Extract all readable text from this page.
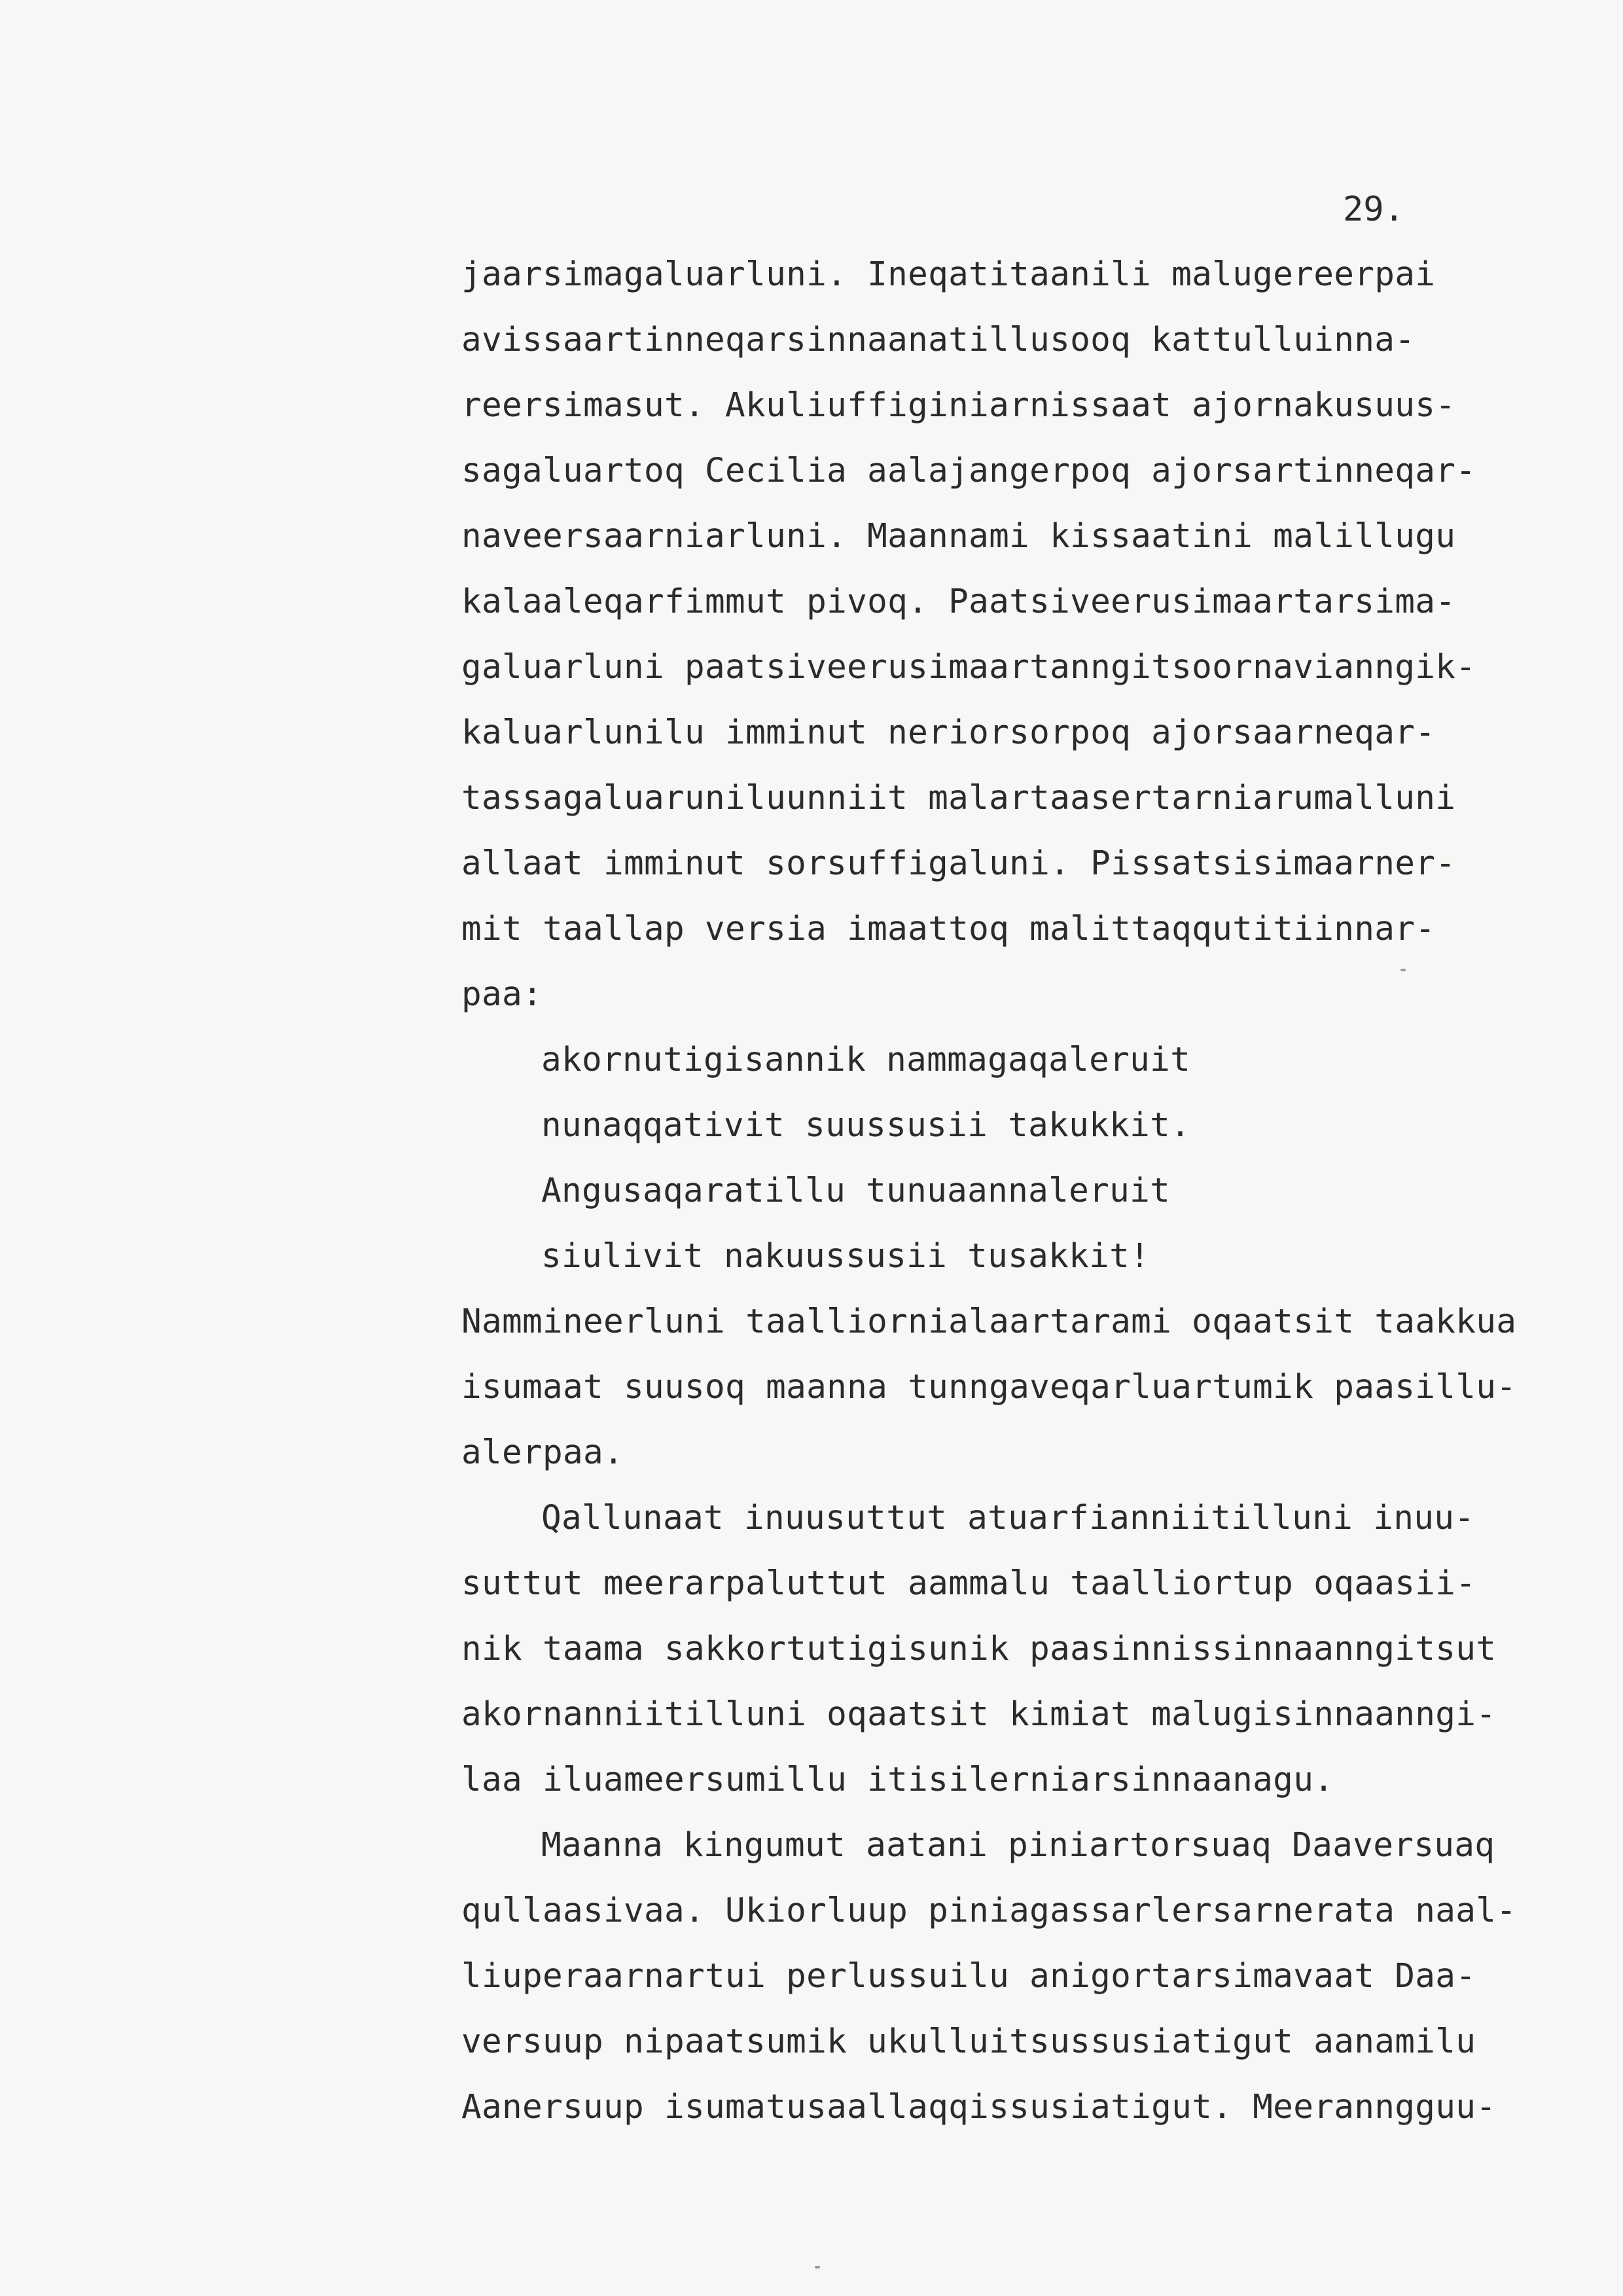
29.
jaarsimagaluarluni. Ineqatitaanili malugereerpai
avissaartinneqarsinnaanatillusooq kattulluinna-
reersimasut. Akuliuffiginiarnissaat ajornakusuus-
sagaluartoq Cecilia aalajangerpoq ajorsartinneqar-
naveersaarniarluni. Maannami kissaatini malillugu
kalaaleqarfimmut pivoq. Paatsiveerusimaartarsima-
galuarluni paatsiveerusimaartanngitsoornavianngik-
kaluarlunilu imminut neriorsorpoq ajorsaarneqar-
tassagaluaruniluunniit malartaasertarniarumalluni
allaat imminut sorsuffigaluni. Pissatsisimaarner-
mit taallap versia imaattoq malittaqqutitiinnar-
paa:
akornutigisannik nammagaqaleruit
nunaqqativit suussusii takukkit.
Angusaqaratillu tunuaannaleruit
siulivit nakuussusii tusakkit!
Nammineerluni taalliornialaartarami oqaatsit taakkua
isumaat suusoq maanna tunngaveqarluartumik paasillu-
alerpaa.
Qallunaat inuusuttut atuarfianniitilluni inuu-
suttut meerarpaluttut aammalu taalliortup oqaasii-
nik taama sakkortutigisunik paasinnissinnaanngitsut
akornanniitilluni oqaatsit kimiat malugisinnaanngi-
laa iluameersumillu itisilerniarsinnaanagu.
Maanna kingumut aatani piniartorsuaq Daaversuaq
qullaasivaa. Ukiorluup piniagassarlersarnerata naal-
liuperaarnartui perlussuilu anigortarsimavaat Daa-
versuup nipaatsumik ukulluitsussusiatigut aanamilu
Aanersuup isumatusaallaqqissusiatigut. Meeranngguu-
